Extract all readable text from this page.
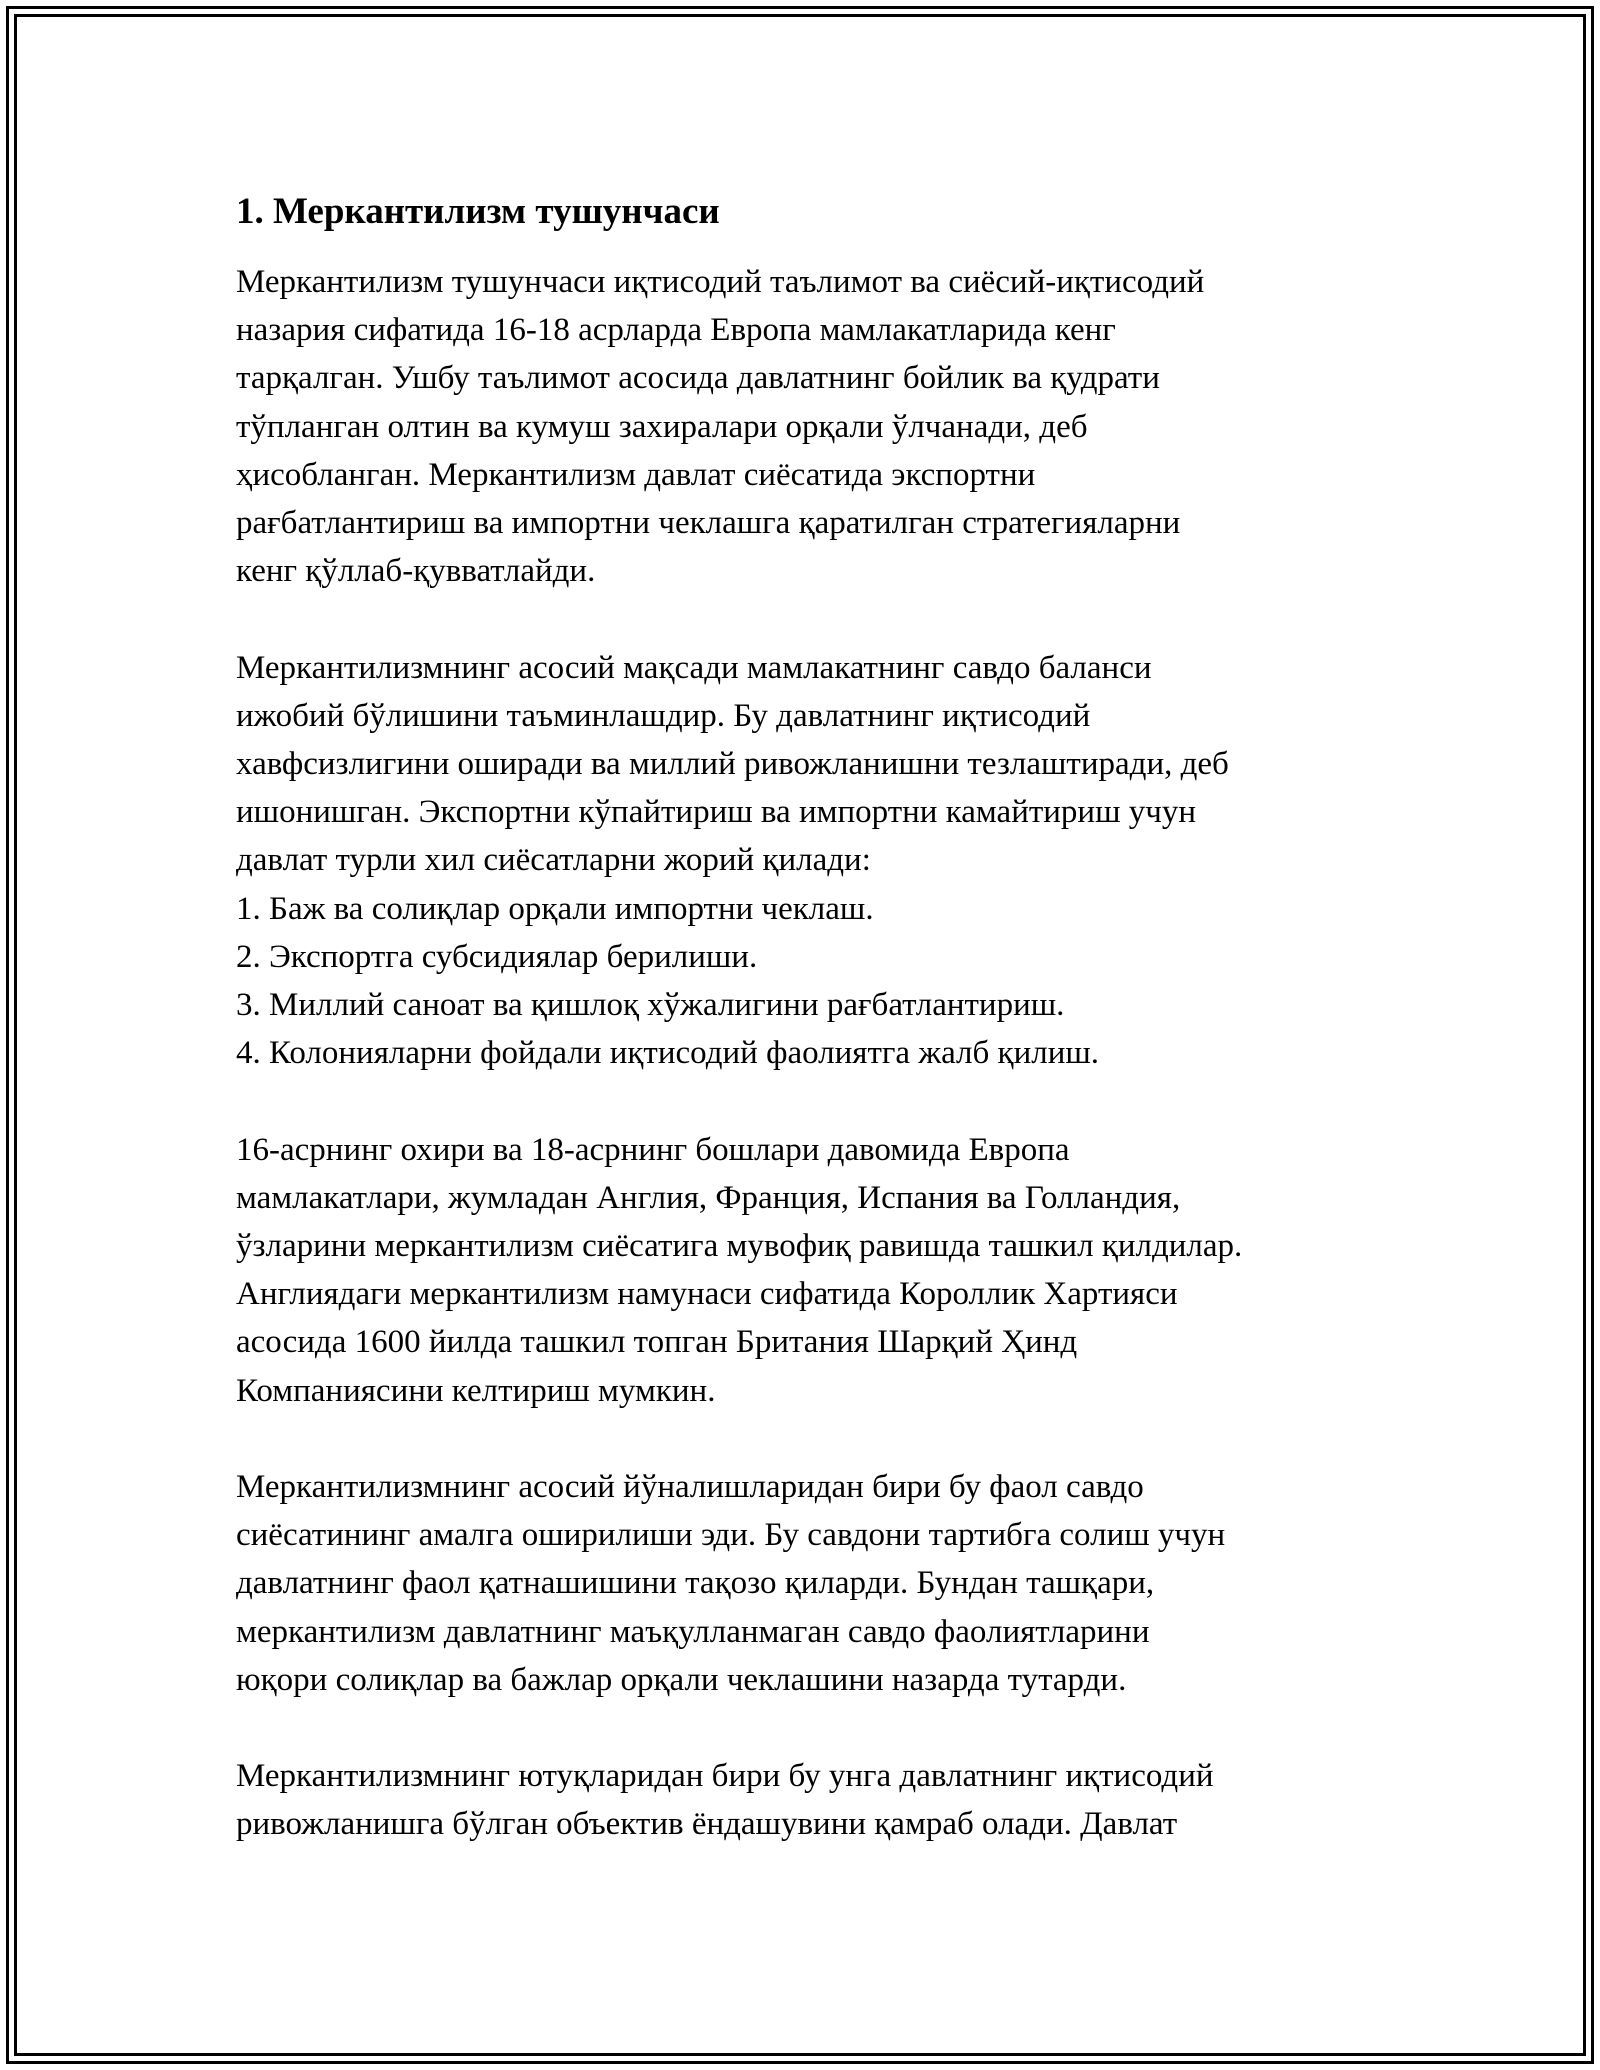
1. Меркантилизм тушунчаси
Меркантилизм тушунчаси иқтисодий таълимот ва сиёсий-иқтисодий
назария сифатида 16-18 асрларда Европа мамлакатларида кенг
тарқалган. Ушбу таълимот асосида давлатнинг бойлик ва қудрати
тўпланган олтин ва кумуш захиралари орқали ўлчанади, деб
ҳисобланган. Меркантилизм давлат сиёсатида экспортни
рағбатлантириш ва импортни чеклашга қаратилган стратегияларни
кенг қўллаб-қувватлайди.
Меркантилизмнинг асосий мақсади мамлакатнинг савдо баланси
ижобий бўлишини таъминлашдир. Бу давлатнинг иқтисодий
хавфсизлигини оширади ва миллий ривожланишни тезлаштиради, деб
ишонишган. Экспортни кўпайтириш ва импортни камайтириш учун
давлат турли хил сиёсатларни жорий қилади:
1. Баж ва солиқлар орқали импортни чеклаш.
2. Экспортга субсидиялар берилиши.
3. Миллий саноат ва қишлоқ хўжалигини рағбатлантириш.
4. Колонияларни фойдали иқтисодий фаолиятга жалб қилиш.
16-асрнинг охири ва 18-асрнинг бошлари давомида Европа
мамлакатлари, жумладан Англия, Франция, Испания ва Голландия,
ўзларини меркантилизм сиёсатига мувофиқ равишда ташкил қилдилар.
Англиядаги меркантилизм намунаси сифатида Короллик Хартияси
асосида 1600 йилда ташкил топган Британия Шарқий Ҳинд
Компаниясини келтириш мумкин.
Меркантилизмнинг асосий йўналишларидан бири бу фаол савдо
сиёсатининг амалга оширилиши эди. Бу савдони тартибга солиш учун
давлатнинг фаол қатнашишини тақозо қиларди. Бундан ташқари,
меркантилизм давлатнинг маъқулланмаган савдо фаолиятларини
юқори солиқлар ва бажлар орқали чеклашини назарда тутарди.
Меркантилизмнинг ютуқларидан бири бу унга давлатнинг иқтисодий
ривожланишга бўлган объектив ёндашувини қамраб олади. Давлат
